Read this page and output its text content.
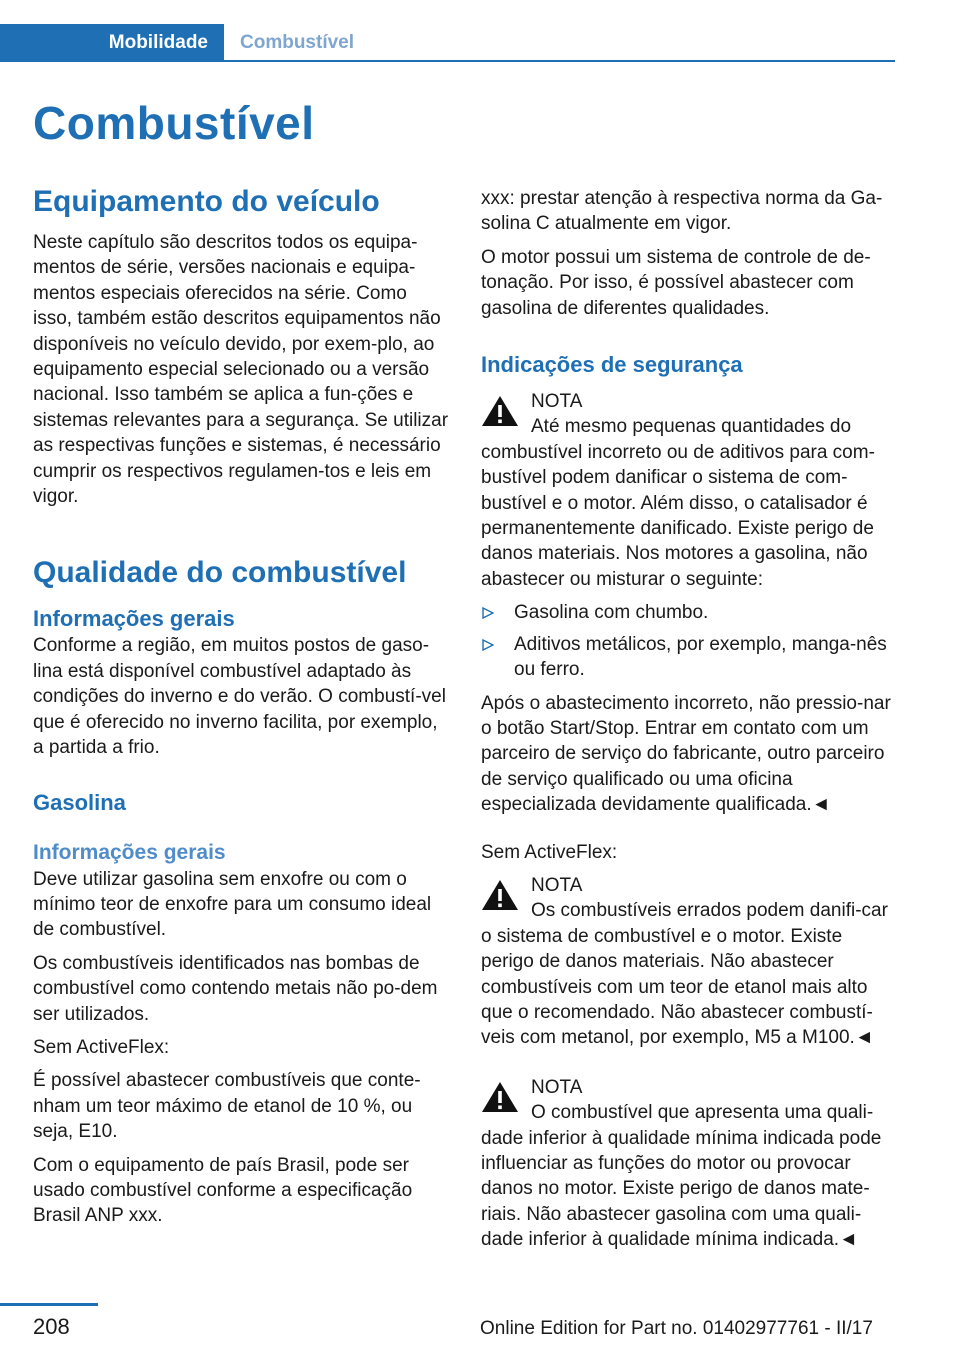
Mobilidade	Combustível
Combustível
Equipamento do veículo

Neste capítulo são descritos todos os equipa-mentos de série, versões nacionais e equipa-mentos especiais oferecidos na série. Como isso, também estão descritos equipamentos não disponíveis no veículo devido, por exem-plo, ao equipamento especial selecionado ou a versão nacional. Isso também se aplica a fun-ções e sistemas relevantes para a segurança. Se utilizar as respectivas funções e sistemas, é necessário cumprir os respectivos regulamen-tos e leis em vigor.

Qualidade do combustível
Informações gerais

Conforme a região, em muitos postos de gaso-lina está disponível combustível adaptado às condições do inverno e do verão. O combustí-vel que é oferecido no inverno facilita, por exemplo, a partida a frio.

Gasolina
Informações gerais

Deve utilizar gasolina sem enxofre ou com o mínimo teor de enxofre para um consumo ideal de combustível.

Os combustíveis identificados nas bombas de combustível como contendo metais não po-dem ser utilizados.

Sem ActiveFlex:

É possível abastecer combustíveis que conte-nham um teor máximo de etanol de 10 %, ou seja, E10.

Com o equipamento de país Brasil, pode ser usado combustível conforme a especificação Brasil ANP xxx.

xxx: prestar atenção à respectiva norma da Ga-solina C atualmente em vigor.

O motor possui um sistema de controle de de-tonação. Por isso, é possível abastecer com gasolina de diferentes qualidades.

Indicações de segurança
NOTA

Até mesmo pequenas quantidades do combustível incorreto ou de aditivos para com-bustível podem danificar o sistema de com-bustível e o motor. Além disso, o catalisador é permanentemente danificado. Existe perigo de danos materiais. Nos motores a gasolina, não abastecer ou misturar o seguinte:

Gasolina com chumbo.
Aditivos metálicos, por exemplo, manga-nês ou ferro.

Após o abastecimento incorreto, não pressio-nar o botão Start/Stop. Entrar em contato com um parceiro de serviço do fabricante, outro parceiro de serviço qualificado ou uma oficina especializada devidamente qualificada.◄

Sem ActiveFlex:

NOTA

Os combustíveis errados podem danifi-car o sistema de combustível e o motor. Existe perigo de danos materiais. Não abastecer combustíveis com um teor de etanol mais alto que o recomendado. Não abastecer combustí-veis com metanol, por exemplo, M5 a M100.◄

NOTA

O combustível que apresenta uma quali-dade inferior à qualidade mínima indicada pode influenciar as funções do motor ou provocar danos no motor. Existe perigo de danos mate-riais. Não abastecer gasolina com uma quali-dade inferior à qualidade mínima indicada.◄

208	Online Edition for Part no. 01402977761 - II/17
